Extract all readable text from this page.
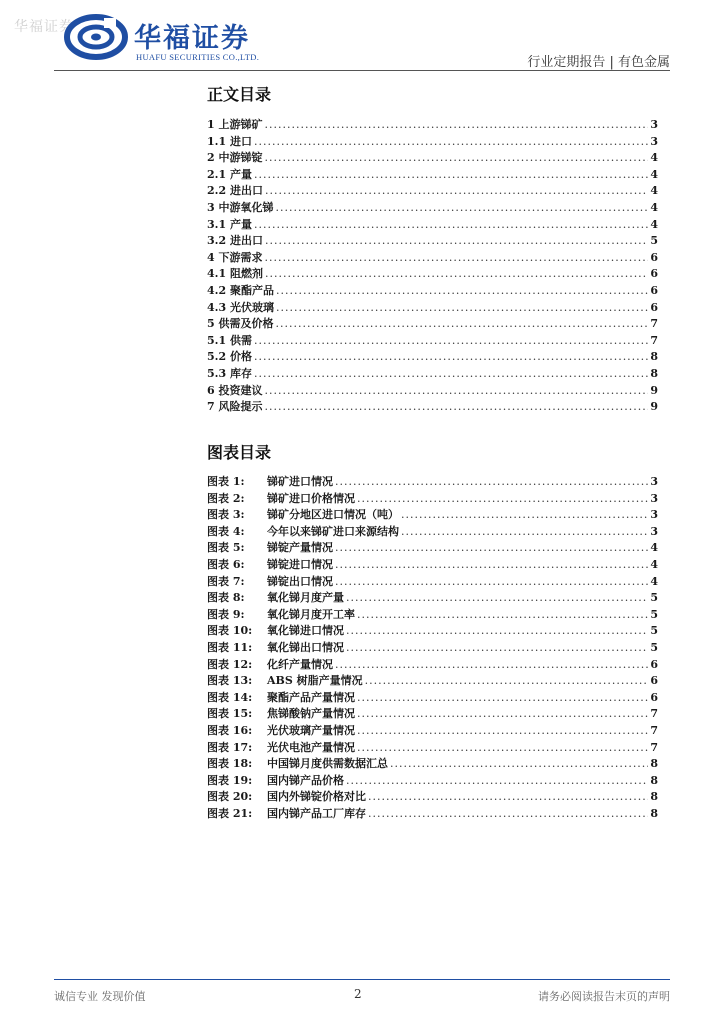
华福证券 华福证券
HUAFU SECURITIES CO.,LTD.	行业定期报告 | 有色金属
正文目录
1 上游锑矿 .....	3
1.1 进口 .....	3
2 中游锑锭 .....	4
2.1 产量 .....	4
2.2 进出口 .....	4
3 中游氧化锑 .....	4
3.1 产量 .....	4
3.2 进出口 .....	5
4 下游需求 .....	6
4.1 阻燃剂 .....	6
4.2 聚酯产品 .....	6
4.3 光伏玻璃 .....	6
5 供需及价格 .....	7
5.1 供需 .....	7
5.2 价格 .....	8
5.3 库存 .....	8
6 投资建议 .....	9
7 风险提示 .....	9
图表目录
图表 1: 锑矿进口情况 .....	3
图表 2: 锑矿进口价格情况 .....	3
图表 3: 锑矿分地区进口情况（吨） .....	3
图表 4: 今年以来锑矿进口来源结构 .....	3
图表 5: 锑锭产量情况 .....	4
图表 6: 锑锭进口情况 .....	4
图表 7: 锑锭出口情况 .....	4
图表 8: 氧化锑月度产量 .....	5
图表 9: 氧化锑月度开工率 .....	5
图表 10: 氧化锑进口情况 .....	5
图表 11: 氧化锑出口情况 .....	5
图表 12: 化纤产量情况 .....	6
图表 13: ABS 树脂产量情况 .....	6
图表 14: 聚酯产品产量情况 .....	6
图表 15: 焦锑酸钠产量情况 .....	7
图表 16: 光伏玻璃产量情况 .....	7
图表 17: 光伏电池产量情况 .....	7
图表 18: 中国锑月度供需数据汇总 .....	8
图表 19: 国内锑产品价格 .....	8
图表 20: 国内外锑锭价格对比 .....	8
图表 21: 国内锑产品工厂库存 .....	8
诚信专业 发现价值	2	请务必阅读报告末页的声明
